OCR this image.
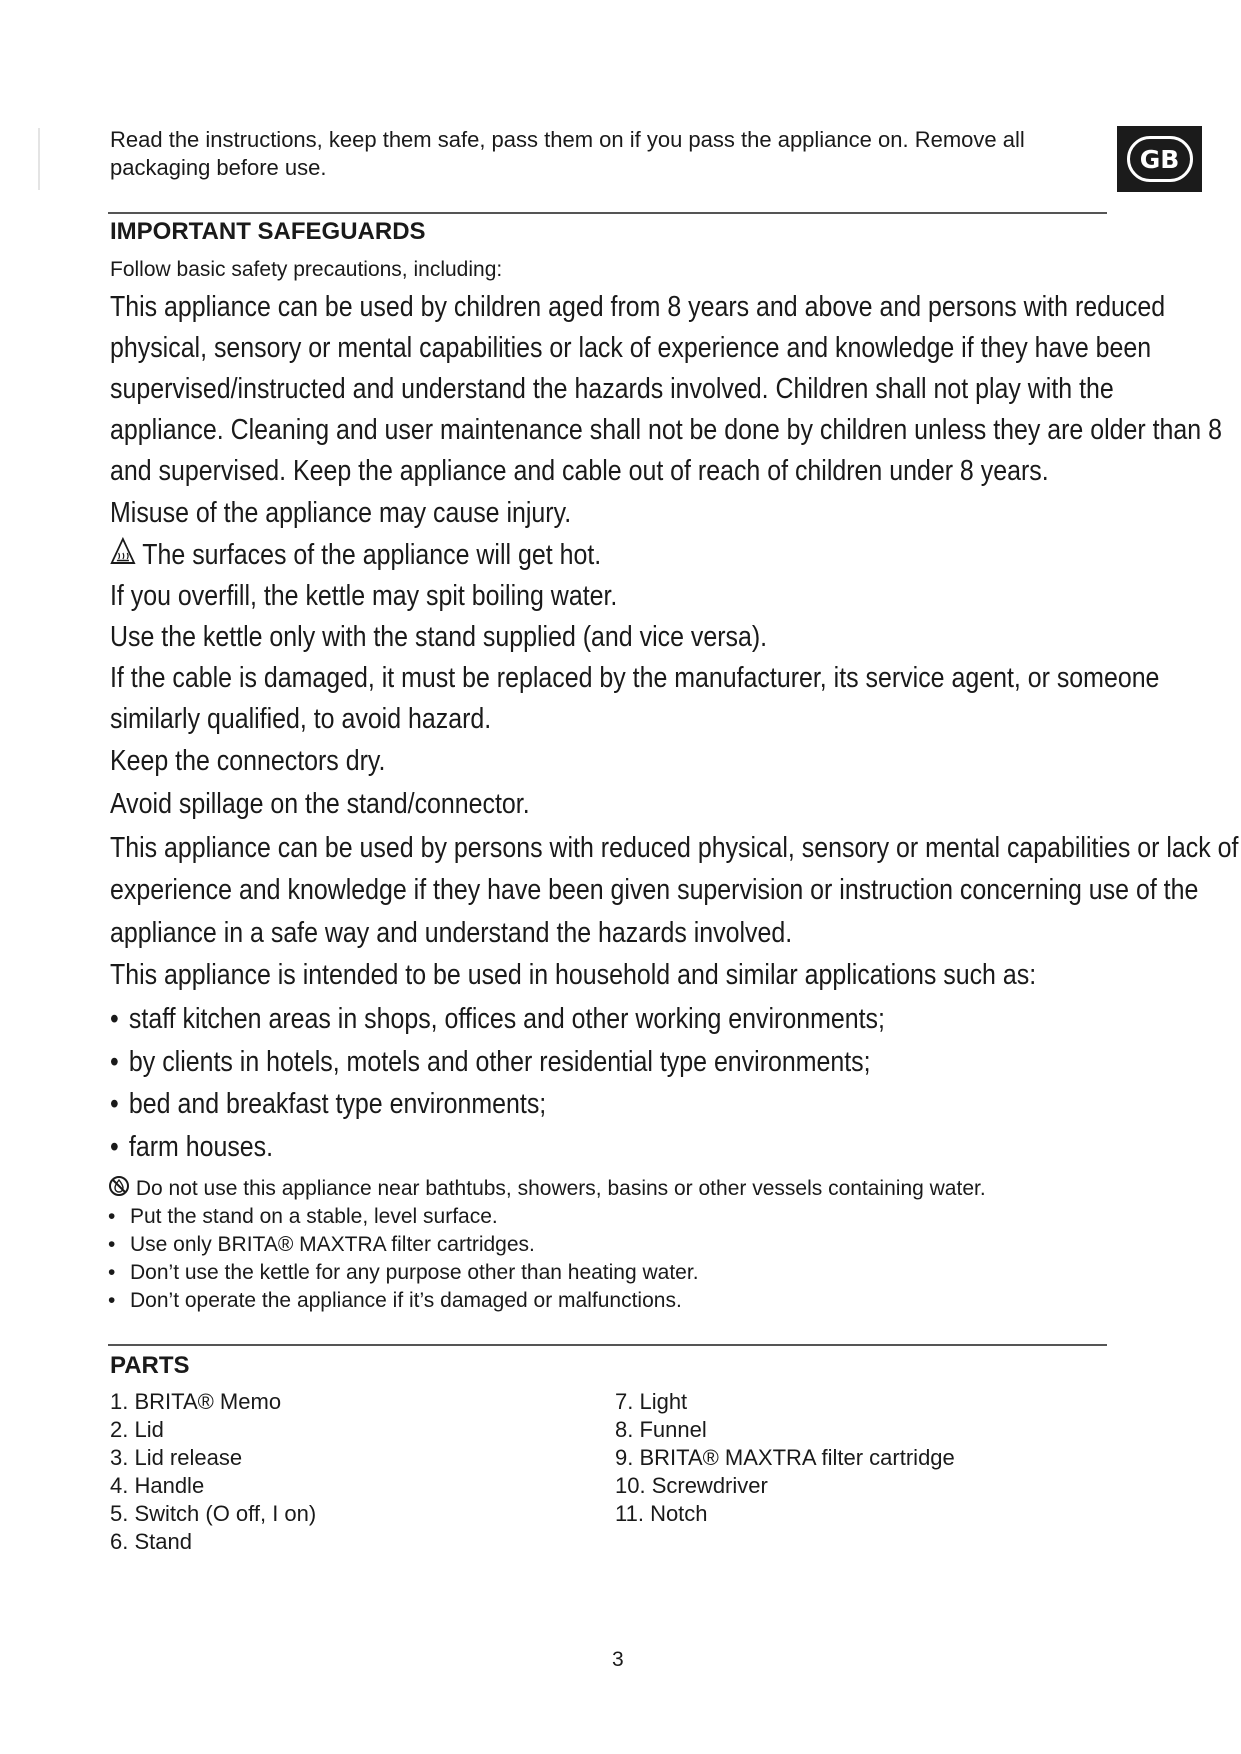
Read the instructions, keep them safe, pass them on if you pass the appliance on. Remove all packaging before use.	GB
IMPORTANT SAFEGUARDS
Follow basic safety precautions, including:
This appliance can be used by children aged from 8 years and above and persons with reduced
physical, sensory or mental capabilities or lack of experience and knowledge if they have been
supervised/instructed and understand the hazards involved. Children shall not play with the
appliance. Cleaning and user maintenance shall not be done by children unless they are older than 8
and supervised. Keep the appliance and cable out of reach of children under 8 years.
Misuse of the appliance may cause injury.
The surfaces of the appliance will get hot.
If you overfill, the kettle may spit boiling water.
Use the kettle only with the stand supplied (and vice versa).
If the cable is damaged, it must be replaced by the manufacturer, its service agent, or someone
similarly qualified, to avoid hazard.
Keep the connectors dry.
Avoid spillage on the stand/connector.
This appliance can be used by persons with reduced physical, sensory or mental capabilities or lack of
experience and knowledge if they have been given supervision or instruction concerning use of the
appliance in a safe way and understand the hazards involved.
This appliance is intended to be used in household and similar applications such as:
• staff kitchen areas in shops, offices and other working environments;
• by clients in hotels, motels and other residential type environments;
• bed and breakfast type environments;
• farm houses.
Do not use this appliance near bathtubs, showers, basins or other vessels containing water.
• Put the stand on a stable, level surface.
• Use only BRITA® MAXTRA filter cartridges.
• Don’t use the kettle for any purpose other than heating water.
• Don’t operate the appliance if it’s damaged or malfunctions.
PARTS
1. BRITA® Memo
2. Lid
3. Lid release
4. Handle
5. Switch (O off, I on)
6. Stand
7. Light
8. Funnel
9. BRITA® MAXTRA filter cartridge
10. Screwdriver
11. Notch
3
